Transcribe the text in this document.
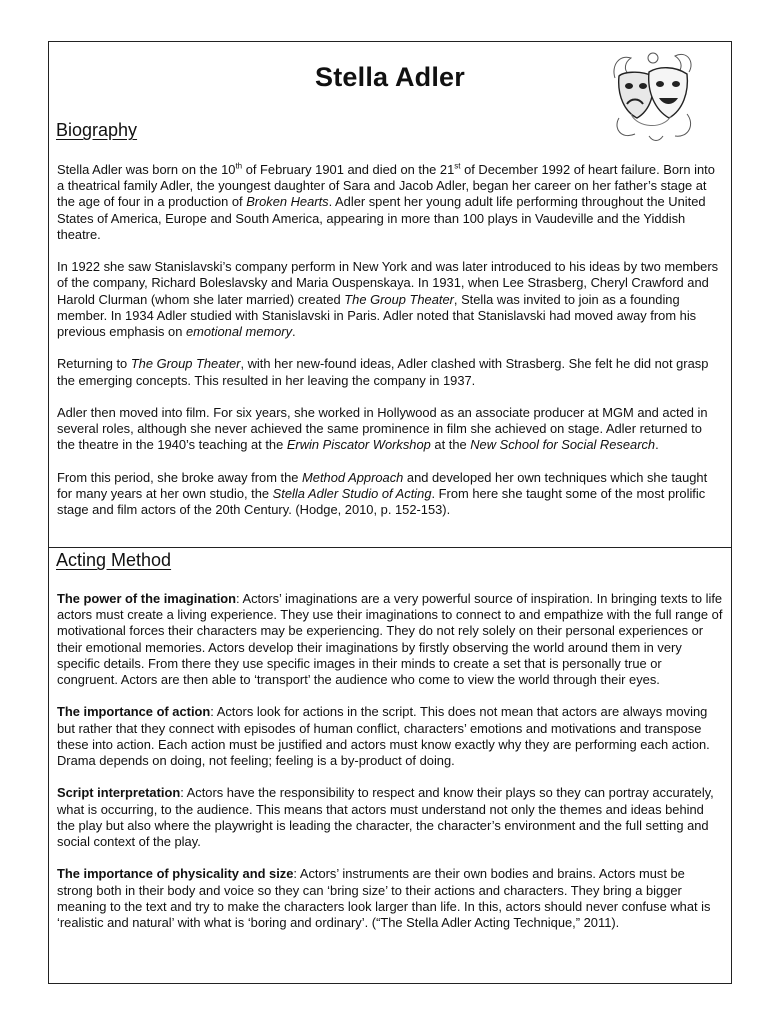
Stella Adler
Biography

Stella Adler was born on the 10th of February 1901 and died on the 21st of December 1992 of heart failure. Born into a theatrical family Adler, the youngest daughter of Sara and Jacob Adler, began her career on her father’s stage at the age of four in a production of Broken Hearts. Adler spent her young adult life performing throughout the United States of America, Europe and South America, appearing in more than 100 plays in Vaudeville and the Yiddish theatre.

In 1922 she saw Stanislavski’s company perform in New York and was later introduced to his ideas by two members of the company, Richard Boleslavsky and Maria Ouspenskaya. In 1931, when Lee Strasberg, Cheryl Crawford and Harold Clurman (whom she later married) created The Group Theater, Stella was invited to join as a founding member. In 1934 Adler studied with Stanislavski in Paris. Adler noted that Stanislavski had moved away from his previous emphasis on emotional memory.

Returning to The Group Theater, with her new-found ideas, Adler clashed with Strasberg. She felt he did not grasp the emerging concepts. This resulted in her leaving the company in 1937.

Adler then moved into film. For six years, she worked in Hollywood as an associate producer at MGM and acted in several roles, although she never achieved the same prominence in film she achieved on stage. Adler returned to the theatre in the 1940’s teaching at the Erwin Piscator Workshop at the New School for Social Research.

From this period, she broke away from the Method Approach and developed her own techniques which she taught for many years at her own studio, the Stella Adler Studio of Acting. From here she taught some of the most prolific stage and film actors of the 20th Century. (Hodge, 2010, p. 152-153).

Acting Method

The power of the imagination: Actors’ imaginations are a very powerful source of inspiration. In bringing texts to life actors must create a living experience. They use their imaginations to connect to and empathize with the full range of motivational forces their characters may be experiencing. They do not rely solely on their personal experiences or their emotional memories. Actors develop their imaginations by firstly observing the world around them in very specific details. From there they use specific images in their minds to create a set that is personally true or congruent. Actors are then able to ‘transport’ the audience who come to view the world through their eyes.

The importance of action: Actors look for actions in the script. This does not mean that actors are always moving but rather that they connect with episodes of human conflict, characters’ emotions and motivations and transpose these into action. Each action must be justified and actors must know exactly why they are performing each action. Drama depends on doing, not feeling; feeling is a by-product of doing.

Script interpretation: Actors have the responsibility to respect and know their plays so they can portray accurately, what is occurring, to the audience. This means that actors must understand not only the themes and ideas behind the play but also where the playwright is leading the character, the character’s environment and the full setting and social context of the play.

The importance of physicality and size: Actors’ instruments are their own bodies and brains. Actors must be strong both in their body and voice so they can ‘bring size’ to their actions and characters. They bring a bigger meaning to the text and try to make the characters look larger than life. In this, actors should never confuse what is ‘realistic and natural’ with what is ‘boring and ordinary’. (“The Stella Adler Acting Technique,” 2011).
